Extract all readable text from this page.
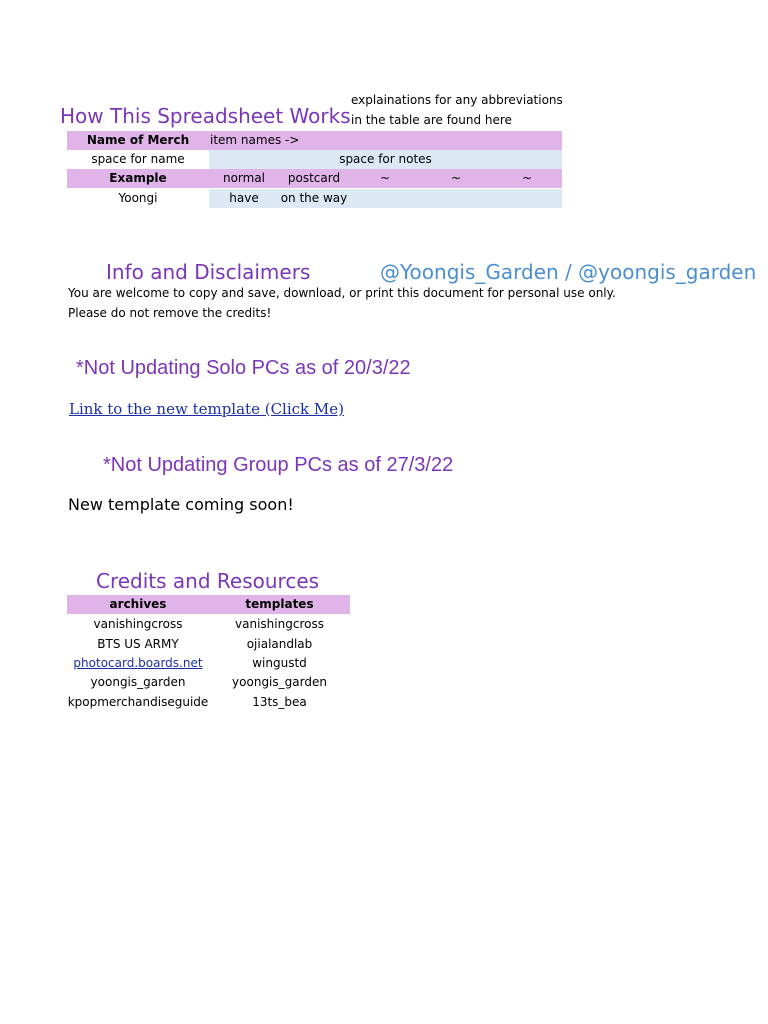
How This Spreadsheet Works
explainations for any abbreviations
in the table are found here
Name of Merch	item names ->
space for name	space for notes
Example	normal	postcard	~	~	~
Yoongi	have	on the way
Info and Disclaimers	@Yoongis_Garden / @yoongis_garden
You are welcome to copy and save, download, or print this document for personal use only.
Please do not remove the credits!
*Not Updating Solo PCs as of 20/3/22
Link to the new template (Click Me)
*Not Updating Group PCs as of 27/3/22
New template coming soon!
Credits and Resources
archives	templates
vanishingcross	vanishingcross
BTS US ARMY	ojialandlab
photocard.boards.net	wingustd
yoongis_garden	yoongis_garden
kpopmerchandiseguide	13ts_bea
